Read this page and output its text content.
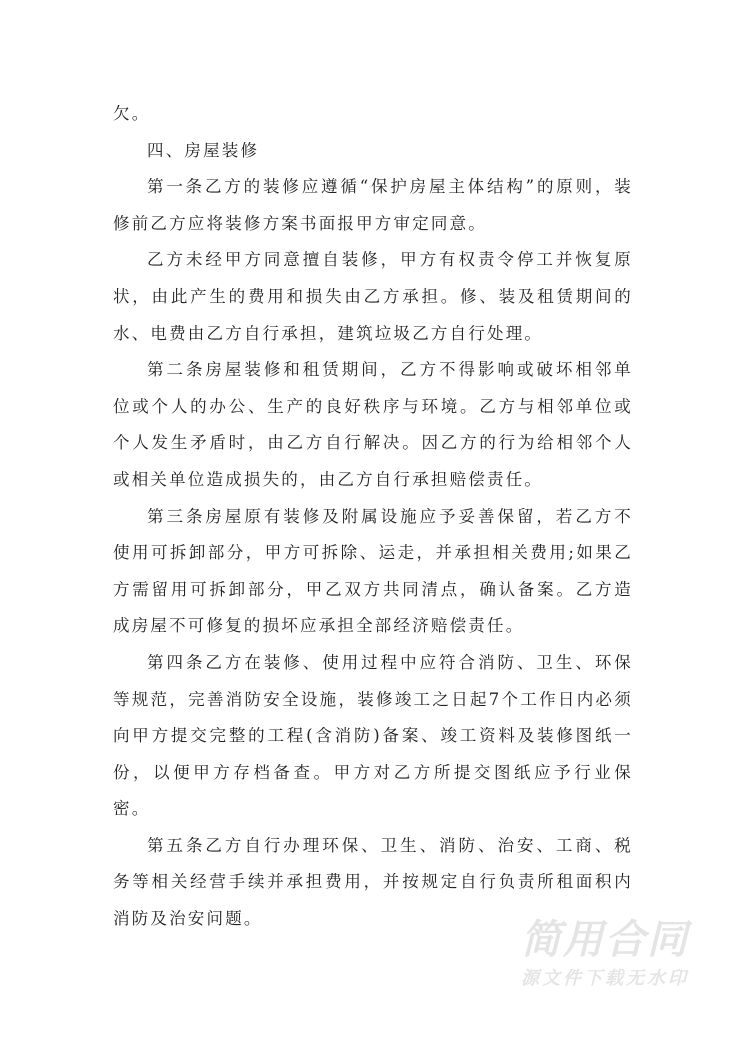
欠。

四、房屋装修

第一条乙方的装修应遵循“保护房屋主体结构”的原则，装修前乙方应将装修方案书面报甲方审定同意。

乙方未经甲方同意擅自装修，甲方有权责令停工并恢复原状，由此产生的费用和损失由乙方承担。修、装及租赁期间的水、电费由乙方自行承担，建筑垃圾乙方自行处理。

第二条房屋装修和租赁期间，乙方不得影响或破坏相邻单位或个人的办公、生产的良好秩序与环境。乙方与相邻单位或个人发生矛盾时，由乙方自行解决。因乙方的行为给相邻个人或相关单位造成损失的，由乙方自行承担赔偿责任。

第三条房屋原有装修及附属设施应予妥善保留，若乙方不使用可拆卸部分，甲方可拆除、运走，并承担相关费用;如果乙方需留用可拆卸部分，甲乙双方共同清点，确认备案。乙方造成房屋不可修复的损坏应承担全部经济赔偿责任。

第四条乙方在装修、使用过程中应符合消防、卫生、环保等规范，完善消防安全设施，装修竣工之日起7个工作日内必须向甲方提交完整的工程(含消防)备案、竣工资料及装修图纸一份，以便甲方存档备查。甲方对乙方所提交图纸应予行业保密。

第五条乙方自行办理环保、卫生、消防、治安、工商、税务等相关经营手续并承担费用，并按规定自行负责所租面积内消防及治安问题。	简用合同
源文件下载无水印
